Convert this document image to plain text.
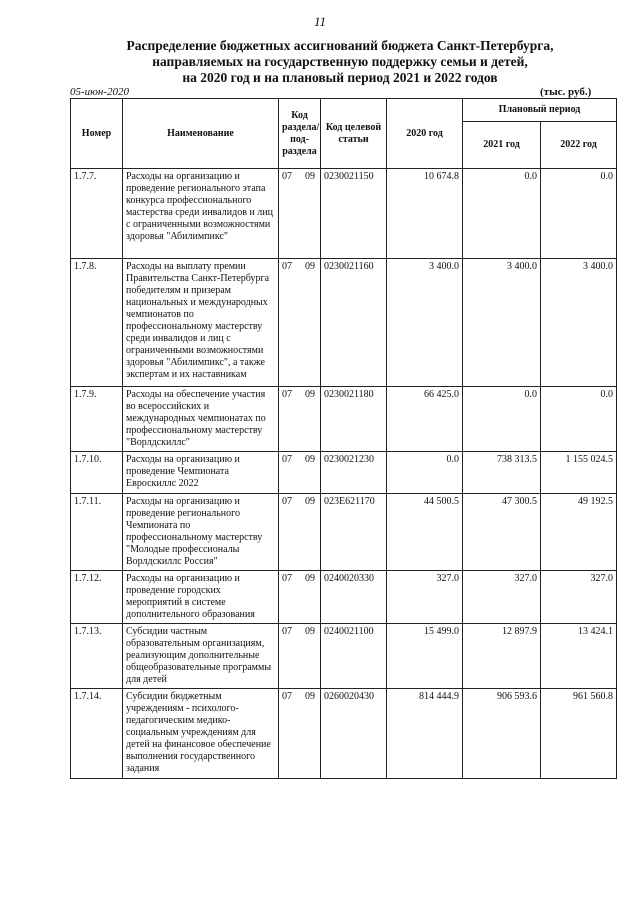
11
Распределение бюджетных ассигнований бюджета Санкт-Петербурга,
направляемых на государственную поддержку семьи и детей,
на 2020 год и на плановый период 2021 и 2022 годов
05-июн-2020	(тыс. руб.)
Номер	Наименование	Код раздела/ под-раздела	Код целевой статьи	2020 год	Плановый период	
					2021 год	2022 год
1.7.7.	Расходы на организацию и проведение регионального этапа конкурса профессионального мастерства среди инвалидов и лиц с ограниченными возможностями здоровья "Абилимпикс"	07 09	0230021150	10 674.8	0.0	0.0
1.7.8.	Расходы на выплату премии Правительства Санкт-Петербурга победителям и призерам национальных и международных чемпионатов по профессиональному мастерству среди инвалидов и лиц с ограниченными возможностями здоровья "Абилимпикс", а также экспертам и их наставникам	07 09	0230021160	3 400.0	3 400.0	3 400.0
1.7.9.	Расходы на обеспечение участия во всероссийских и международных чемпионатах по профессиональному мастерству "Ворлдскиллс"	07 09	0230021180	66 425.0	0.0	0.0
1.7.10.	Расходы на организацию и проведение Чемпионата Евроскиллс 2022	07 09	0230021230	0.0	738 313.5	1 155 024.5
1.7.11.	Расходы на организацию и проведение регионального Чемпионата по профессиональному мастерству "Молодые профессионалы Ворлдскиллс Россия"	07 09	023E621170	44 500.5	47 300.5	49 192.5
1.7.12.	Расходы на организацию и проведение городских мероприятий в системе дополнительного образования	07 09	0240020330	327.0	327.0	327.0
1.7.13.	Субсидии частным образовательным организациям, реализующим дополнительные общеобразовательные программы для детей	07 09	0240021100	15 499.0	12 897.9	13 424.1
1.7.14.	Субсидии бюджетным учреждениям - психолого-педагогическим медико-социальным учреждениям для детей на финансовое обеспечение выполнения государственного задания	07 09	0260020430	814 444.9	906 593.6	961 560.8
